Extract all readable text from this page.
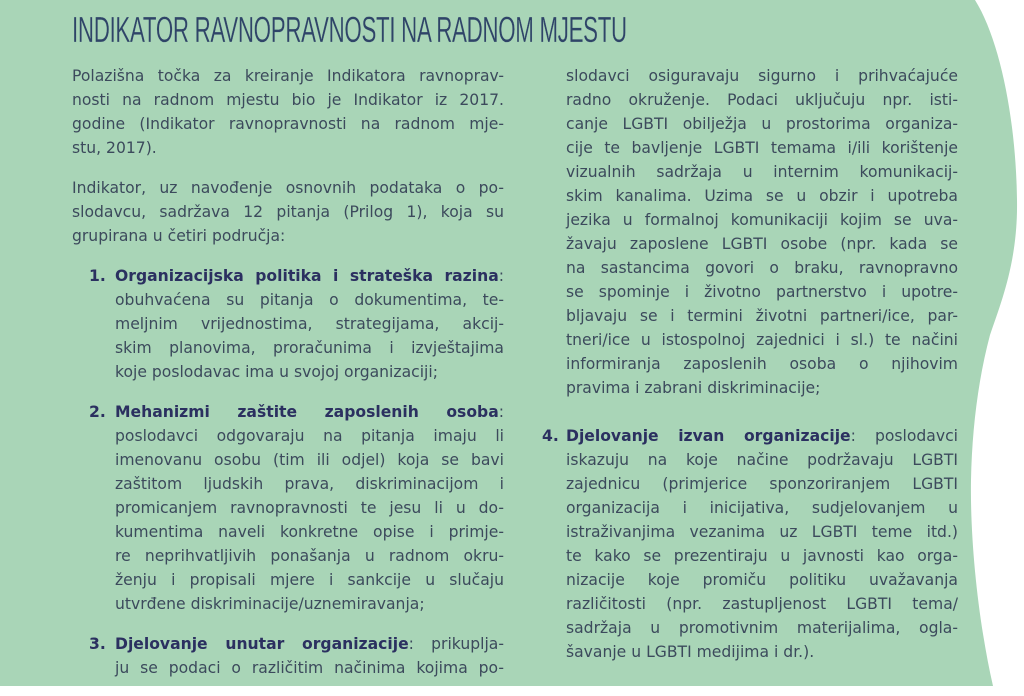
INDIKATOR RAVNOPRAVNOSTI NA RADNOM MJESTU
Polazišna točka za kreiranje Indikatora ravnoprav-
nosti na radnom mjestu bio je Indikator iz 2017.
godine (Indikator ravnopravnosti na radnom mje-
stu, 2017).
Indikator, uz navođenje osnovnih podataka o po-
slodavcu, sadržava 12 pitanja (Prilog 1), koja su
grupirana u četiri područja:
1. Organizacijska politika i strateška razina:
obuhvaćena su pitanja o dokumentima, te-
meljnim vrijednostima, strategijama, akcij-
skim planovima, proračunima i izvještajima
koje poslodavac ima u svojoj organizaciji;
2. Mehanizmi zaštite zaposlenih osoba:
poslodavci odgovaraju na pitanja imaju li
imenovanu osobu (tim ili odjel) koja se bavi
zaštitom ljudskih prava, diskriminacijom i
promicanjem ravnopravnosti te jesu li u do-
kumentima naveli konkretne opise i primje-
re neprihvatljivih ponašanja u radnom okru-
ženju i propisali mjere i sankcije u slučaju
utvrđene diskriminacije/uznemiravanja;
3. Djelovanje unutar organizacije: prikuplja-
ju se podaci o različitim načinima kojima po-
slodavci osiguravaju sigurno i prihvaćajuće
radno okruženje. Podaci uključuju npr. isti-
canje LGBTI obilježja u prostorima organiza-
cije te bavljenje LGBTI temama i/ili korištenje
vizualnih sadržaja u internim komunikacij-
skim kanalima. Uzima se u obzir i upotreba
jezika u formalnoj komunikaciji kojim se uva-
žavaju zaposlene LGBTI osobe (npr. kada se
na sastancima govori o braku, ravnopravno
se spominje i životno partnerstvo i upotre-
bljavaju se i termini životni partneri/ice, par-
tneri/ice u istospolnoj zajednici i sl.) te načini
informiranja zaposlenih osoba o njihovim
pravima i zabrani diskriminacije;
4. Djelovanje izvan organizacije: poslodavci
iskazuju na koje načine podržavaju LGBTI
zajednicu (primjerice sponzoriranjem LGBTI
organizacija i inicijativa, sudjelovanjem u
istraživanjima vezanima uz LGBTI teme itd.)
te kako se prezentiraju u javnosti kao orga-
nizacije koje promiču politiku uvažavanja
različitosti (npr. zastupljenost LGBTI tema/
sadržaja u promotivnim materijalima, ogla-
šavanje u LGBTI medijima i dr.).
